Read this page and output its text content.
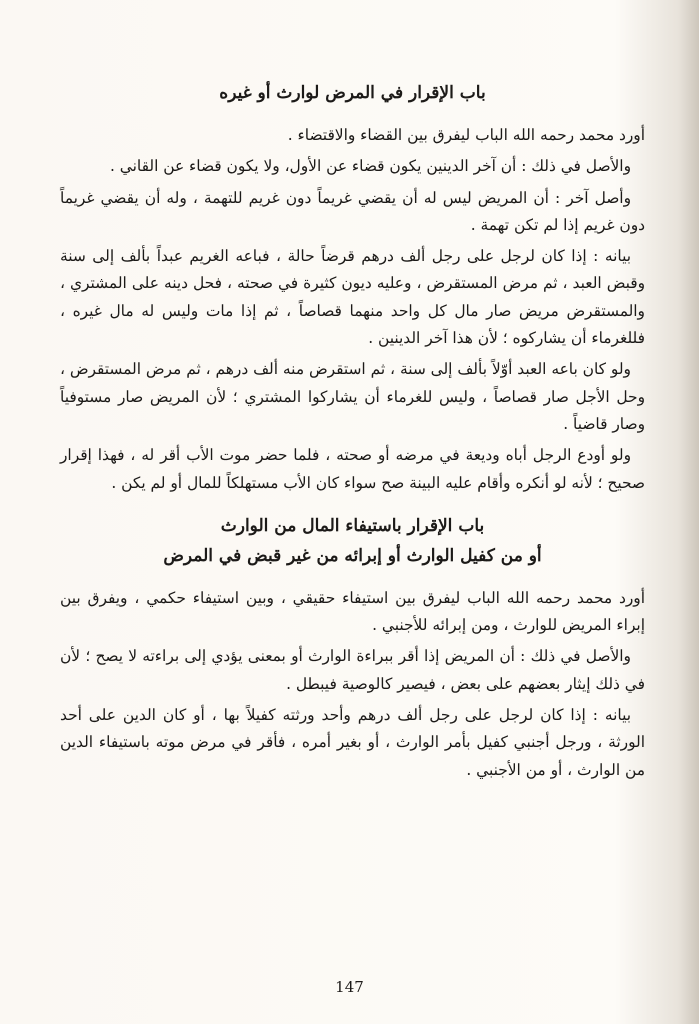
باب الإقرار في المرض لوارث أو غيره

أورد محمد رحمه الله الباب ليفرق بين القضاء والاقتضاء .

والأصل في ذلك : أن آخر الدينين يكون قضاء عن الأول، ولا يكون قضاء عن القاني .

وأصل آخر : أن المريض ليس له أن يقضي غريماً دون غريم للتهمة ، وله أن يقضي غريماً دون غريم إذا لم تكن تهمة .

بيانه : إذا كان لرجل على رجل ألف درهم قرضاً حالة ، فباعه الغريم عبداً بألف إلى سنة وقبض العبد ، ثم مرض المستقرض ، وعليه ديون كثيرة في صحته ، فحل دينه على المشتري ، والمستقرض مريض صار مال كل واحد منهما قصاصاً ، ثم إذا مات وليس له مال غيره ، فللغرماء أن يشاركوه ؛ لأن هذا آخر الدينين .

ولو كان باعه العبد أوّلاً بألف إلى سنة ، ثم استقرض منه ألف درهم ، ثم مرض المستقرض ، وحل الأجل صار قصاصاً ، وليس للغرماء أن يشاركوا المشتري ؛ لأن المريض صار مستوفياً وصار قاضياً .

ولو أودع الرجل أباه وديعة في مرضه أو صحته ، فلما حضر موت الأب أقر له ، فهذا إقرار صحيح ؛ لأنه لو أنكره وأقام عليه البينة صح سواء كان الأب مستهلكاً للمال أو لم يكن .

باب الإقرار باستيفاء المال من الوارث
أو من كفيل الوارث أو إبرائه من غير قبض في المرض

أورد محمد رحمه الله الباب ليفرق بين استيفاء حقيقي ، وبين استيفاء حكمي ، ويفرق بين إبراء المريض للوارث ، ومن إبرائه للأجنبي .

والأصل في ذلك : أن المريض إذا أقر ببراءة الوارث أو بمعنى يؤدي إلى براءته لا يصح ؛ لأن في ذلك إيثار بعضهم على بعض ، فيصير كالوصية فيبطل .

بيانه : إذا كان لرجل على رجل ألف درهم وأحد ورثته كفيلاً بها ، أو كان الدين على أحد الورثة ، ورجل أجنبي كفيل بأمر الوارث ، أو بغير أمره ، فأقر في مرض موته باستيفاء الدين من الوارث ، أو من الأجنبي .

147
